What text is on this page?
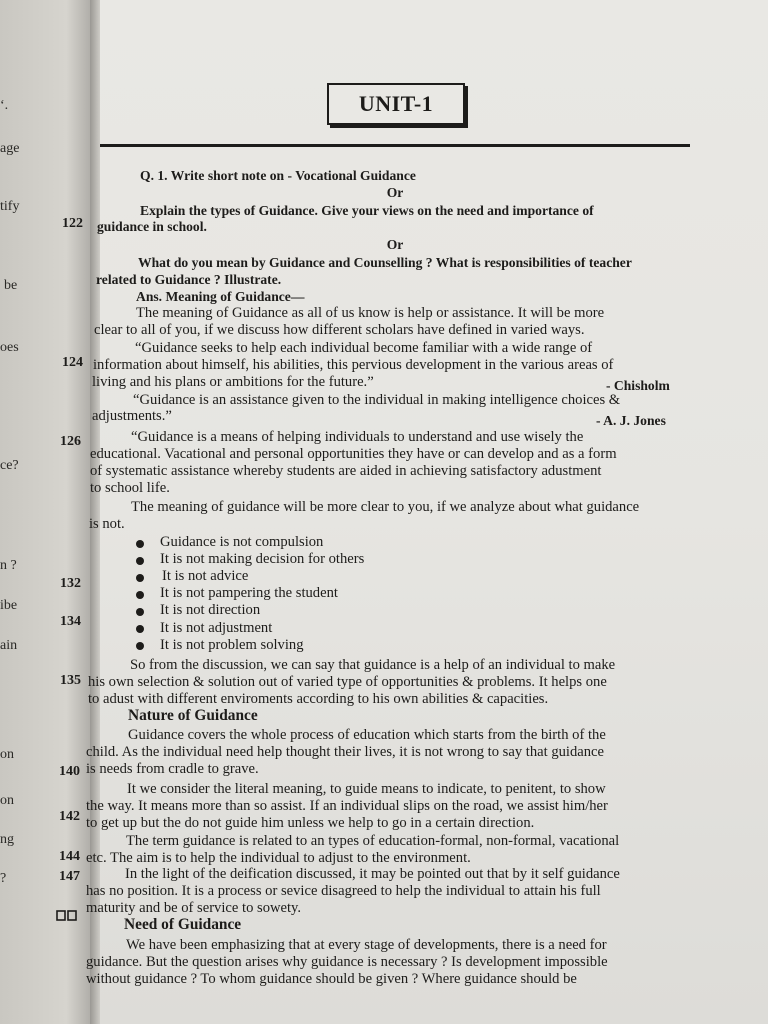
‘.
age
tify
be
oes
ce?
n ?
ibe
ain
on
on
ng
?
UNIT-1
Q. 1. Write short note on - Vocational Guidance
Or
Explain the types of Guidance. Give your views on the need and importance of
guidance in school.
Or
What do you mean by Guidance and Counselling ? What is responsibilities of teacher
related to Guidance ? Illustrate.
Ans. Meaning of Guidance—
The meaning of Guidance as all of us know is help or assistance. It will be more
clear to all of you, if we discuss how different scholars have defined in varied ways.
“Guidance seeks to help each individual become familiar with a wide range of
information about himself, his abilities, this pervious development in the various areas of
living and his plans or ambitions for the future.”	- Chisholm
“Guidance is an assistance given to the individual in making intelligence choices &
adjustments.”	- A. J. Jones
“Guidance is a means of helping individuals to understand and use wisely the
educational. Vacational and personal opportunities they have or can develop and as a form
of systematic assistance whereby students are aided in achieving satisfactory adustment
to school life.
The meaning of guidance will be more clear to you, if we analyze about what guidance
is not.
Guidance is not compulsion
It is not making decision for others
It is not advice
It is not pampering the student
It is not direction
It is not adjustment
It is not problem solving
So from the discussion, we can say that guidance is a help of an individual to make
his own selection & solution out of varied type of opportunities & problems. It helps one
to adust with different enviroments according to his own abilities & capacities.
Nature of Guidance
Guidance covers the whole process of education which starts from the birth of the
child. As the individual need help thought their lives, it is not wrong to say that guidance
is needs from cradle to grave.
It we consider the literal meaning, to guide means to indicate, to penitent, to show
the way. It means more than so assist. If an individual slips on the road, we assist him/her
to get up but the do not guide him unless we help to go in a certain direction.
The term guidance is related to an types of education-formal, non-formal, vacational
etc. The aim is to help the individual to adjust to the environment.
In the light of the deification discussed, it may be pointed out that by it self guidance
has no position. It is a process or sevice disagreed to help the individual to attain his full
maturity and be of service to sowety.
Need of Guidance
We have been emphasizing that at every stage of developments, there is a need for
guidance. But the question arises why guidance is necessary ? Is development impossible
without guidance ? To whom guidance should be given ? Where guidance should be
122
124
126
132
134
135
140
142
144
147
